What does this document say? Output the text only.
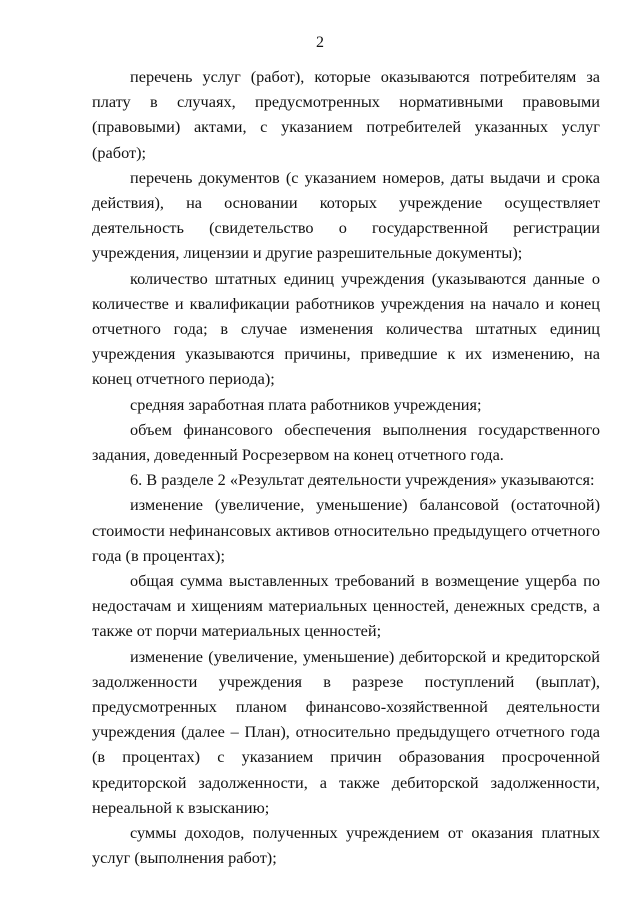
2

перечень услуг (работ), которые оказываются потребителям за плату в случаях, предусмотренных нормативными правовыми (правовыми) актами, с указанием потребителей указанных услуг (работ);

перечень документов (с указанием номеров, даты выдачи и срока действия), на основании которых учреждение осуществляет деятельность (свидетельство о государственной регистрации учреждения, лицензии и другие разрешительные документы);

количество штатных единиц учреждения (указываются данные о количестве и квалификации работников учреждения на начало и конец отчетного года; в случае изменения количества штатных единиц учреждения указываются причины, приведшие к их изменению, на конец отчетного периода);

средняя заработная плата работников учреждения;

объем финансового обеспечения выполнения государственного задания, доведенный Росрезервом на конец отчетного года.

6. В разделе 2 «Результат деятельности учреждения» указываются:

изменение (увеличение, уменьшение) балансовой (остаточной) стоимости нефинансовых активов относительно предыдущего отчетного года (в процентах);

общая сумма выставленных требований в возмещение ущерба по недостачам и хищениям материальных ценностей, денежных средств, а также от порчи материальных ценностей;

изменение (увеличение, уменьшение) дебиторской и кредиторской задолженности учреждения в разрезе поступлений (выплат), предусмотренных планом финансово-хозяйственной деятельности учреждения (далее – План), относительно предыдущего отчетного года (в процентах) с указанием причин образования просроченной кредиторской задолженности, а также дебиторской задолженности, нереальной к взысканию;

суммы доходов, полученных учреждением от оказания платных услуг (выполнения работ);
